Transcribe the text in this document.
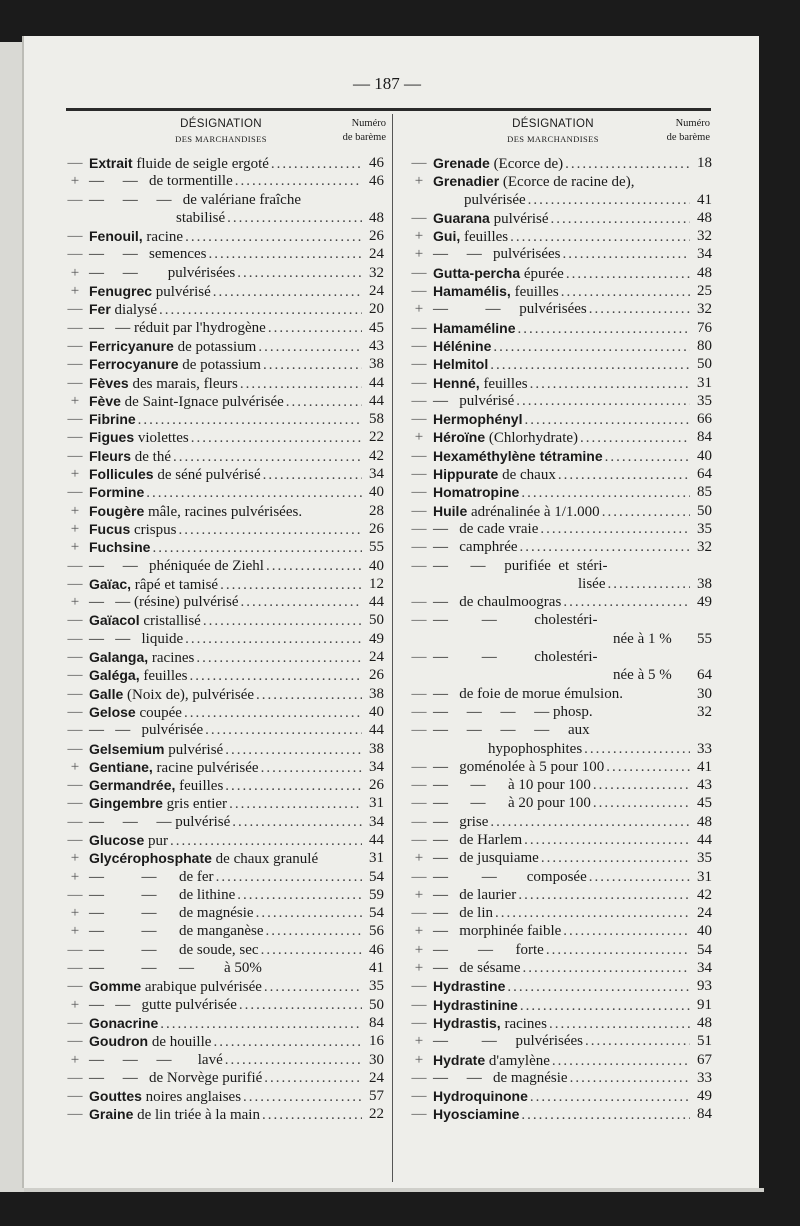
— 187 —
DÉSIGNATION
DES MARCHANDISES
Numéro
de barème
DÉSIGNATION
DES MARCHANDISES
Numéro
de barème
— Extrait fluide de seigle ergoté .....	46
+ —     —   de tormentille .....	46
— —     —     —   de valériane fraîche
stabilisé .....	48
— Fenouil, racine .....	26
— —     —   semences .....	24
+ —     —        pulvérisées .....	32
+ Fenugrec pulvérisé .....	24
— Fer dialysé .....	20
— —   — réduit par l'hydrogène .....	45
— Ferricyanure de potassium .....	43
— Ferrocyanure de potassium .....	38
— Fèves des marais, fleurs .....	44
+ Fève de Saint-Ignace pulvérisée .....	44
— Fibrine .....	58
— Figues violettes .....	22
— Fleurs de thé .....	42
+ Follicules de séné pulvérisé .....	34
— Formine .....	40
+ Fougère mâle, racines pulvérisées.	28
+ Fucus crispus .....	26
+ Fuchsine .....	55
— —     —   phéniquée de Ziehl .....	40
— Gaïac, râpé et tamisé .....	12
+ —   — (résine) pulvérisé .....	44
— Gaïacol cristallisé .....	50
— —   —   liquide .....	49
— Galanga, racines .....	24
— Galéga, feuilles .....	26
— Galle (Noix de), pulvérisée .....	38
— Gelose coupée .....	40
— —   —   pulvérisée .....	44
— Gelsemium pulvérisé .....	38
+ Gentiane, racine pulvérisée .....	34
— Germandrée, feuilles .....	26
— Gingembre gris entier .....	31
— —     —     — pulvérisé .....	34
— Glucose pur .....	44
+ Glycérophosphate de chaux granulé	31
+ —          —      de fer .....	54
— —          —      de lithine .....	59
+ —          —      de magnésie .....	54
+ —          —      de manganèse .....	56
— —          —      de soude, sec .....	46
— —          —      —        à 50%	41
— Gomme arabique pulvérisée .....	35
+ —   —   gutte pulvérisée .....	50
— Gonacrine .....	84
— Goudron de houille .....	16
+ —     —     —       lavé .....	30
— —     —   de Norvège purifié .....	24
— Gouttes noires anglaises .....	57
— Graine de lin triée à la main .....	22
— Grenade (Ecorce de) .....	18
+ Grenadier (Ecorce de racine de),
pulvérisée .....	41
— Guarana pulvérisé .....	48
+ Gui, feuilles .....	32
+ —     —   pulvérisées .....	34
— Gutta-percha épurée .....	48
— Hamamélis, feuilles .....	25
+ —          —     pulvérisées .....	32
— Hamaméline .....	76
— Hélénine .....	80
— Helmitol .....	50
— Henné, feuilles .....	31
— —   pulvérisé .....	35
— Hermophényl .....	66
+ Héroïne (Chlorhydrate) .....	84
— Hexaméthylène tétramine .....	40
— Hippurate de chaux .....	64
— Homatropine .....	85
— Huile adrénalinée à 1/1.000 .....	50
— —   de cade vraie .....	35
— —   camphrée .....	32
— —      —     purifiée  et  stéri-
lisée .....	38
— —   de chaulmoogras .....	49
— —         —          cholestéri-
née à 1 % 55
— —         —          cholestéri-
née à 5 % 64
— —   de foie de morue émulsion.	30
— —     —     —     — phosp.	32
— —     —     —     —     aux
hypophosphites .....	33
— —   goménolée à 5 pour 100 .....	41
— —      —      à 10 pour 100 .....	43
— —      —      à 20 pour 100 .....	45
— —   grise .....	48
— —   de Harlem .....	44
+ —   de jusquiame .....	35
— —         —        composée .....	31
+ —   de laurier .....	42
— —   de lin .....	24
+ —   morphinée faible .....	40
+ —        —      forte .....	54
+ —   de sésame .....	34
— Hydrastine .....	93
— Hydrastinine .....	91
— Hydrastis, racines .....	48
+ —         —     pulvérisées .....	51
+ Hydrate d'amylène .....	67
— —     —   de magnésie .....	33
— Hydroquinone .....	49
— Hyosciamine .....	84
